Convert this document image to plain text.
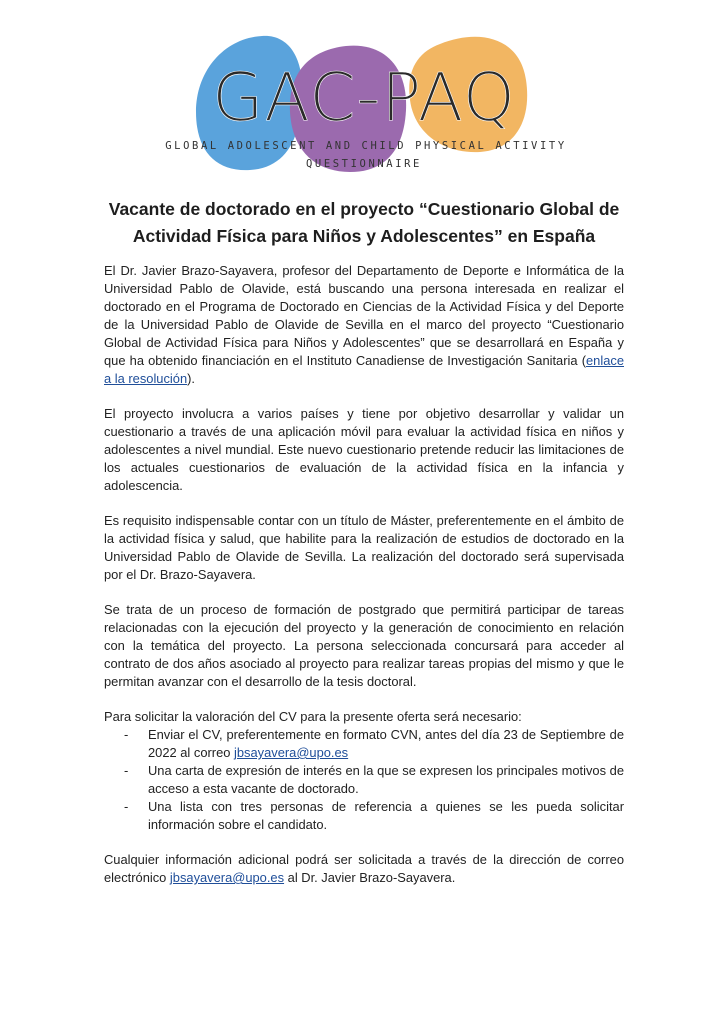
GAC-PAQ
GLOBAL ADOLESCENT AND CHILD PHYSICAL ACTIVITY
QUESTIONNAIRE
Vacante de doctorado en el proyecto “Cuestionario Global de
Actividad Física para Niños y Adolescentes” en España

El Dr. Javier Brazo-Sayavera, profesor del Departamento de Deporte e Informática de la Universidad Pablo de Olavide, está buscando una persona interesada en realizar el doctorado en el Programa de Doctorado en Ciencias de la Actividad Física y del Deporte de la Universidad Pablo de Olavide de Sevilla en el marco del proyecto “Cuestionario Global de Actividad Física para Niños y Adolescentes” que se desarrollará en España y que ha obtenido financiación en el Instituto Canadiense de Investigación Sanitaria (enlace a la resolución).

El proyecto involucra a varios países y tiene por objetivo desarrollar y validar un cuestionario a través de una aplicación móvil para evaluar la actividad física en niños y adolescentes a nivel mundial. Este nuevo cuestionario pretende reducir las limitaciones de los actuales cuestionarios de evaluación de la actividad física en la infancia y adolescencia.

Es requisito indispensable contar con un título de Máster, preferentemente en el ámbito de la actividad física y salud, que habilite para la realización de estudios de doctorado en la Universidad Pablo de Olavide de Sevilla. La realización del doctorado será supervisada por el Dr. Brazo-Sayavera.

Se trata de un proceso de formación de postgrado que permitirá participar de tareas relacionadas con la ejecución del proyecto y la generación de conocimiento en relación con la temática del proyecto. La persona seleccionada concursará para acceder al contrato de dos años asociado al proyecto para realizar tareas propias del mismo y que le permitan avanzar con el desarrollo de la tesis doctoral.

Para solicitar la valoración del CV para la presente oferta será necesario:

- Enviar el CV, preferentemente en formato CVN, antes del día 23 de Septiembre de 2022 al correo jbsayavera@upo.es
- Una carta de expresión de interés en la que se expresen los principales motivos de acceso a esta vacante de doctorado.
- Una lista con tres personas de referencia a quienes se les pueda solicitar información sobre el candidato.

Cualquier información adicional podrá ser solicitada a través de la dirección de correo electrónico jbsayavera@upo.es al Dr. Javier Brazo-Sayavera.
